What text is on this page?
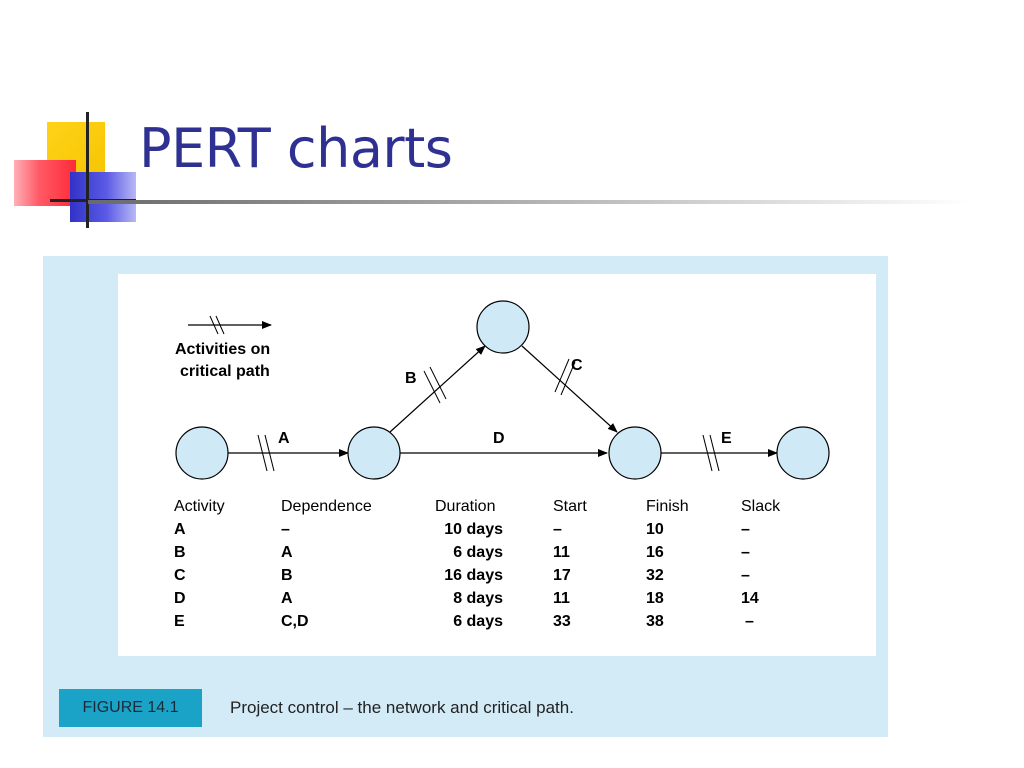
PERT charts
Activities on
critical path
A
B
C
D	E
Activity	Dependence	Duration	Start	Finish	Slack
A	–	10 days	–	10	–
B	A	6 days	11	16	–
C	B	16 days	17	32	–
D	A	8 days	11	18	14
E	C,D	6 days	33	38	–
FIGURE 14.1	Project control – the network and critical path.
